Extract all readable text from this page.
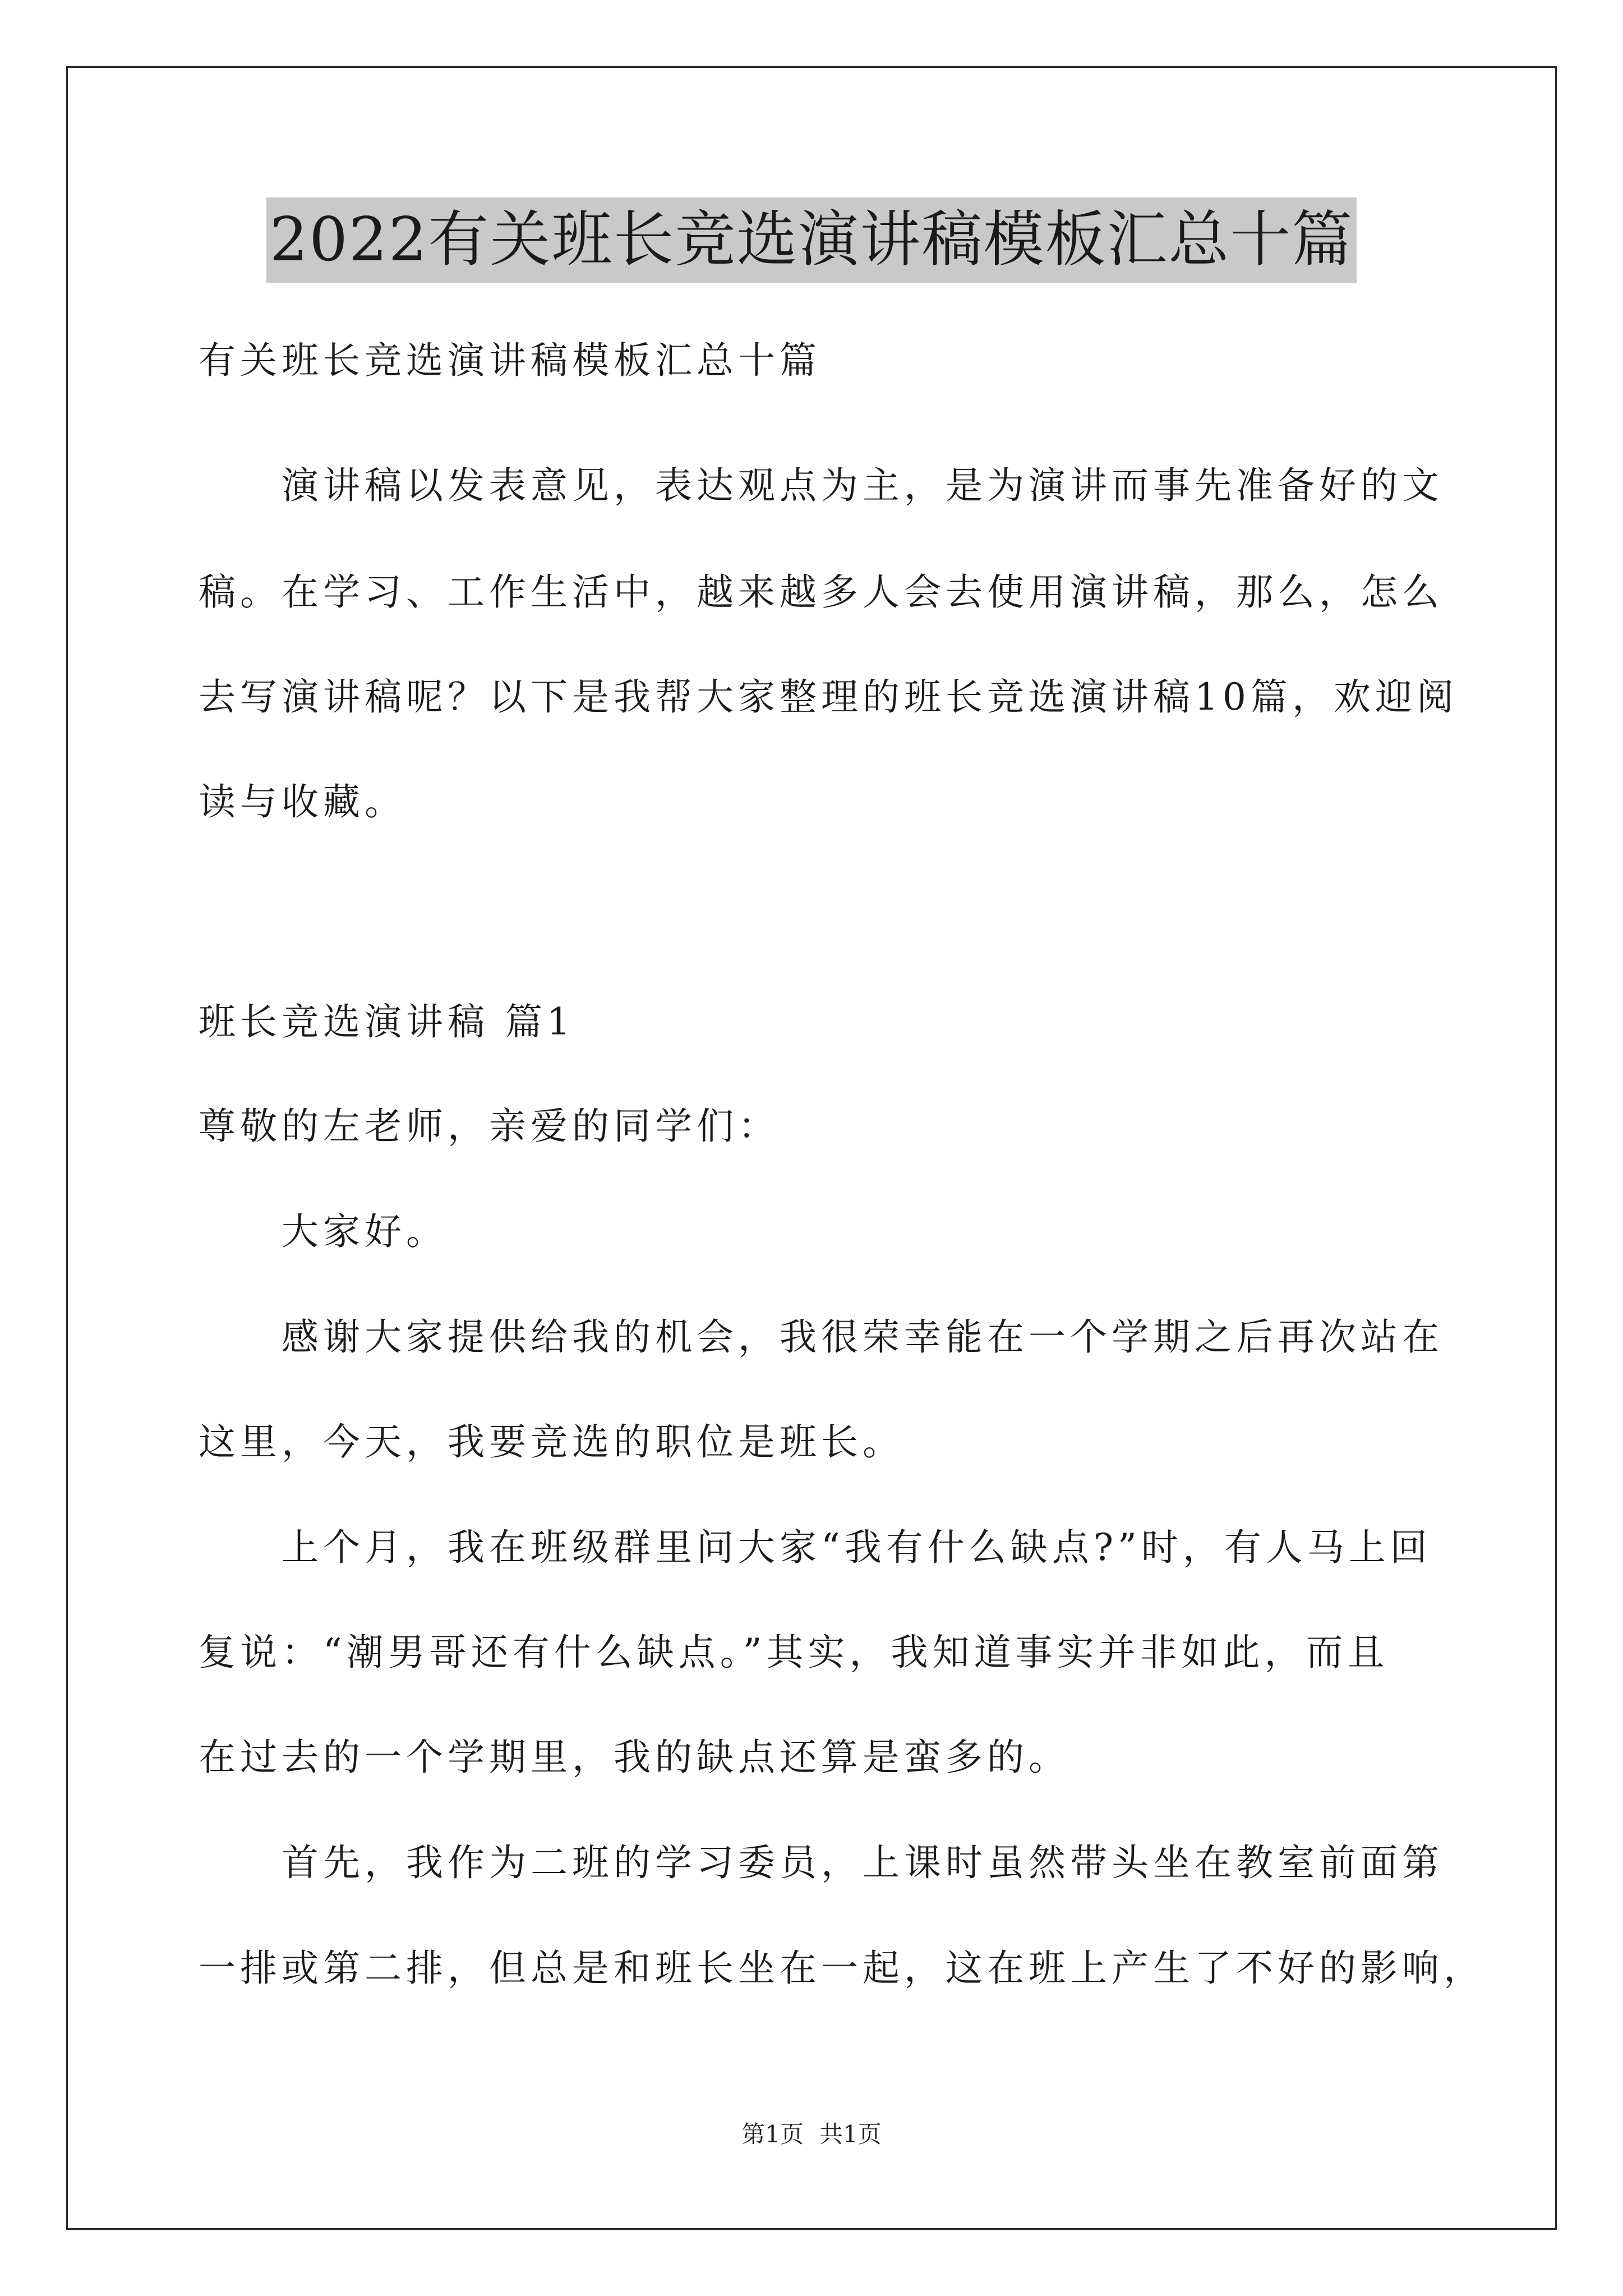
2022有关班长竞选演讲稿模板汇总十篇
有关班长竞选演讲稿模板汇总十篇
演讲稿以发表意见，表达观点为主，是为演讲而事先准备好的文
稿。在学习、工作生活中，越来越多人会去使用演讲稿，那么，怎么
去写演讲稿呢？以下是我帮大家整理的班长竞选演讲稿10篇，欢迎阅
读与收藏。
班长竞选演讲稿 篇1
尊敬的左老师，亲爱的同学们：
大家好。
感谢大家提供给我的机会，我很荣幸能在一个学期之后再次站在
这里，今天，我要竞选的职位是班长。
上个月，我在班级群里问大家“我有什么缺点?”时，有人马上回
复说：“潮男哥还有什么缺点。”其实，我知道事实并非如此，而且
在过去的一个学期里，我的缺点还算是蛮多的。
首先，我作为二班的学习委员，上课时虽然带头坐在教室前面第
一排或第二排，但总是和班长坐在一起，这在班上产生了不好的影响，
第1页 共1页
